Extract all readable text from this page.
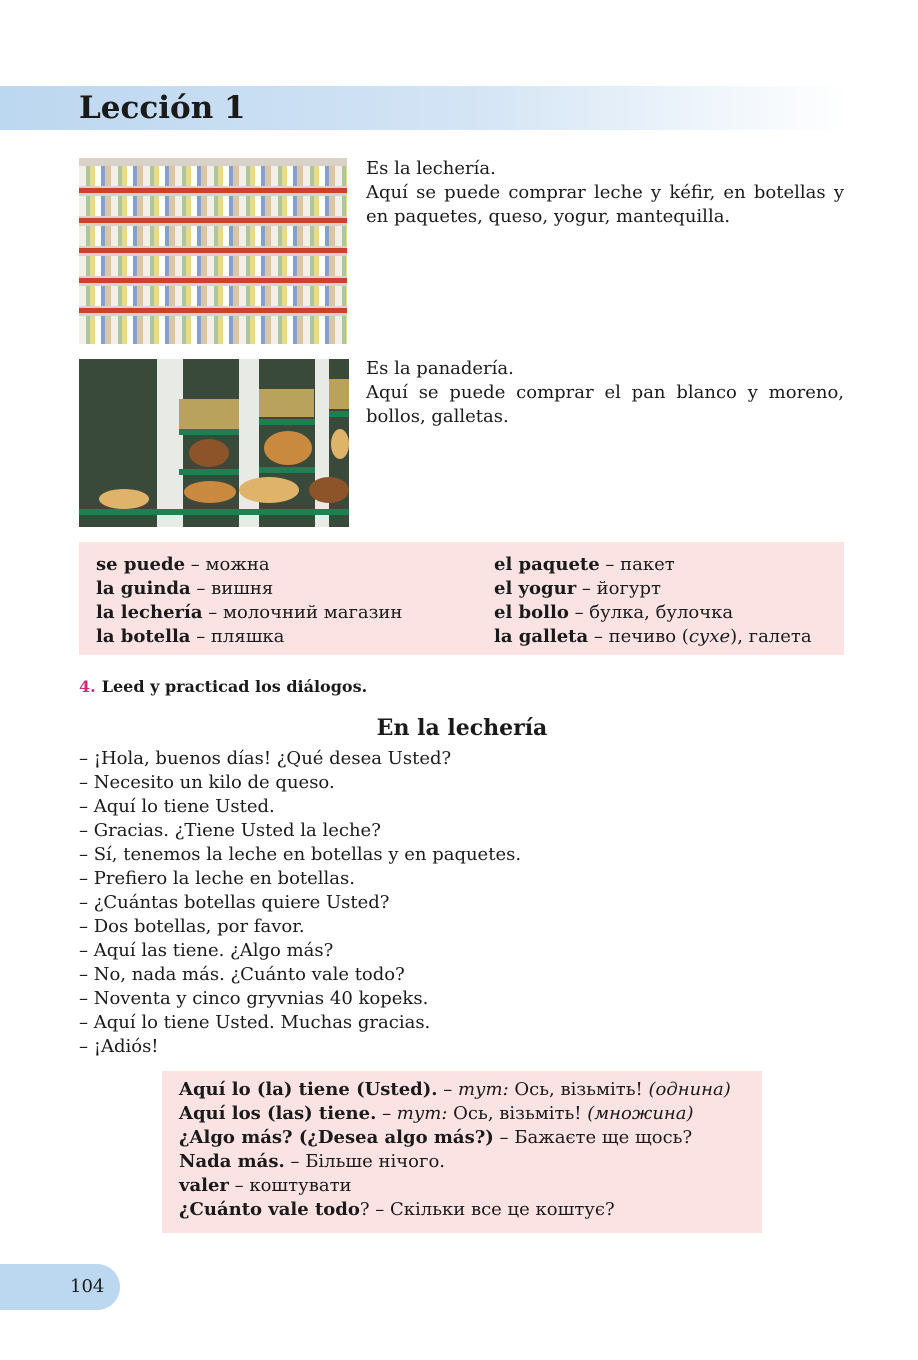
Lección 1

Es la lechería.
Aquí se puede comprar leche y kéfir, en botellas y
en paquetes, queso, yogur, mantequilla.

Es la panadería.
Aquí se puede comprar el pan blanco y moreno,
bollos, galletas.

se puede – можна
la guinda – вишня
la lechería – молочний магазин
la botella – пляшка
el paquete – пакет
el yogur – йогурт
el bollo – булка, булочка
la galleta – печиво (сухе), галета
4. Leed y practicad los diálogos.
En la lechería
– ¡Hola, buenos días! ¿Qué desea Usted?
– Necesito un kilo de queso.
– Aquí lo tiene Usted.
– Gracias. ¿Tiene Usted la leche?
– Sí, tenemos la leche en botellas y en paquetes.
– Prefiero la leche en botellas.
– ¿Cuántas botellas quiere Usted?
– Dos botellas, por favor.
– Aquí las tiene. ¿Algo más?
– No, nada más. ¿Cuánto vale todo?
– Noventa y cinco gryvnias 40 kopeks.
– Aquí lo tiene Usted. Muchas gracias.
– ¡Adiós!
Aquí lo (la) tiene (Usted). – тут: Ось, візьміть! (однина)
Aquí los (las) tiene. – тут: Ось, візьміть! (множина)
¿Algo más? (¿Desea algo más?) – Бажаєте ще щось?
Nada más. – Більше нічого.
valer – коштувати
¿Cuánto vale todo? – Скільки все це коштує?
104
